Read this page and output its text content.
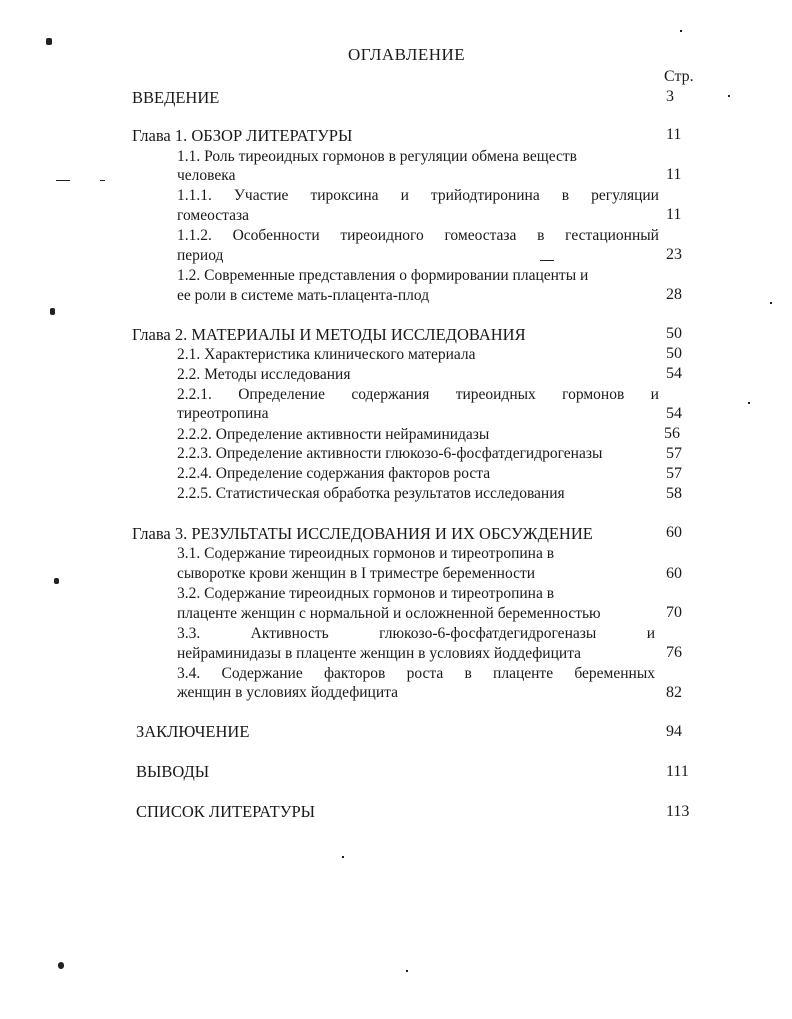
ОГЛАВЛЕНИЕ
Стр.
ВВЕДЕНИЕ	3
Глава 1. ОБЗОР ЛИТЕРАТУРЫ	11
1.1. Роль тиреоидных гормонов в регуляции обмена веществ
человека	11
1.1.1. Участие тироксина и трийодтиронина в регуляции
гомеостаза	11
1.1.2. Особенности тиреоидного гомеостаза в гестационный
период	23
1.2. Современные представления о формировании плаценты и
ее роли в системе мать-плацента-плод	28
Глава 2. МАТЕРИАЛЫ И МЕТОДЫ ИССЛЕДОВАНИЯ	50
2.1. Характеристика клинического материала	50
2.2. Методы исследования	54
2.2.1. Определение содержания тиреоидных гормонов и
тиреотропина	54
2.2.2. Определение активности нейраминидазы	56
2.2.3. Определение активности глюкозо-6-фосфатдегидрогеназы	57
2.2.4. Определение содержания факторов роста	57
2.2.5. Статистическая обработка результатов исследования	58
Глава 3. РЕЗУЛЬТАТЫ ИССЛЕДОВАНИЯ И ИХ ОБСУЖДЕНИЕ	60
3.1. Содержание тиреоидных гормонов и тиреотропина в
сыворотке крови женщин в I триместре беременности	60
3.2. Содержание тиреоидных гормонов и тиреотропина в
плаценте женщин с нормальной и осложненной беременностью	70
3.3.	Активность	глюкозо-6-фосфатдегидрогеназы	и
нейраминидазы в плаценте женщин в условиях йоддефицита	76
3.4. Содержание факторов роста в плаценте беременных
женщин в условиях йоддефицита	82
ЗАКЛЮЧЕНИЕ	94
ВЫВОДЫ	111
СПИСОК ЛИТЕРАТУРЫ	113
